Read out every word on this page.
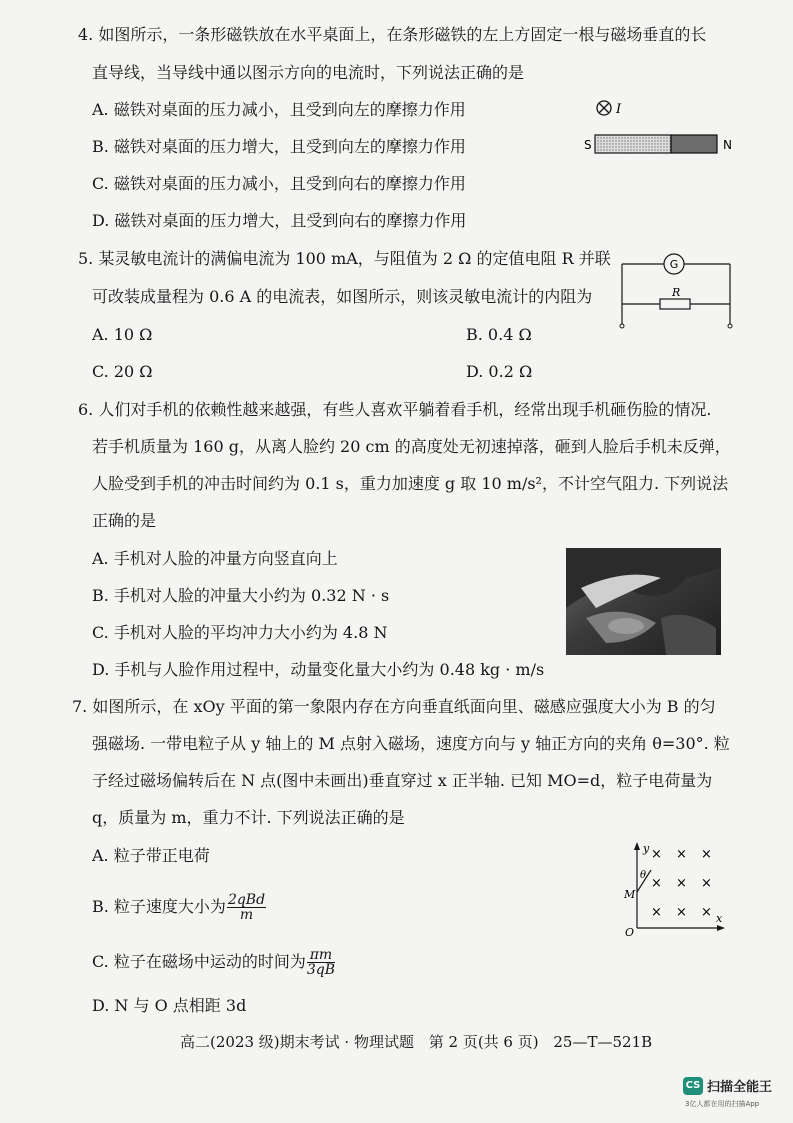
4. 如图所示，一条形磁铁放在水平桌面上，在条形磁铁的左上方固定一根与磁场垂直的长
直导线，当导线中通以图示方向的电流时，下列说法正确的是
A. 磁铁对桌面的压力减小，且受到向左的摩擦力作用
B. 磁铁对桌面的压力增大，且受到向左的摩擦力作用
C. 磁铁对桌面的压力减小，且受到向右的摩擦力作用
D. 磁铁对桌面的压力增大，且受到向右的摩擦力作用
I
S	N
5. 某灵敏电流计的满偏电流为 100 mA，与阻值为 2 Ω 的定值电阻 R 并联
可改装成量程为 0.6 A 的电流表，如图所示，则该灵敏电流计的内阻为
A. 10 Ω	B. 0.4 Ω
C. 20 Ω	D. 0.2 Ω
G
R
6. 人们对手机的依赖性越来越强，有些人喜欢平躺着看手机，经常出现手机砸伤脸的情况.
若手机质量为 160 g，从离人脸约 20 cm 的高度处无初速掉落，砸到人脸后手机未反弹，
人脸受到手机的冲击时间约为 0.1 s，重力加速度 g 取 10 m/s²，不计空气阻力. 下列说法
正确的是
A. 手机对人脸的冲量方向竖直向上
B. 手机对人脸的冲量大小约为 0.32 N · s
C. 手机对人脸的平均冲力大小约为 4.8 N
D. 手机与人脸作用过程中，动量变化量大小约为 0.48 kg · m/s
7. 如图所示，在 xOy 平面的第一象限内存在方向垂直纸面向里、磁感应强度大小为 B 的匀
强磁场. 一带电粒子从 y 轴上的 M 点射入磁场，速度方向与 y 轴正方向的夹角 θ=30°. 粒
子经过磁场偏转后在 N 点(图中未画出)垂直穿过 x 正半轴. 已知 MO=d，粒子电荷量为
q，质量为 m，重力不计. 下列说法正确的是
A. 粒子带正电荷
B. 粒子速度大小为 $\frac{\text{2qBd}}{m}$
C. 粒子在磁场中运动的时间为 $\frac{\pi m}{3qB}$
D. N 与 O 点相距 3d
y
x
O
M
θ
× × ×
× × ×
× × ×
高二(2023 级)期末考试 · 物理试题 第 2 页(共 6 页) 25—T—521B
CS 扫描全能王
3亿人都在用的扫描App
